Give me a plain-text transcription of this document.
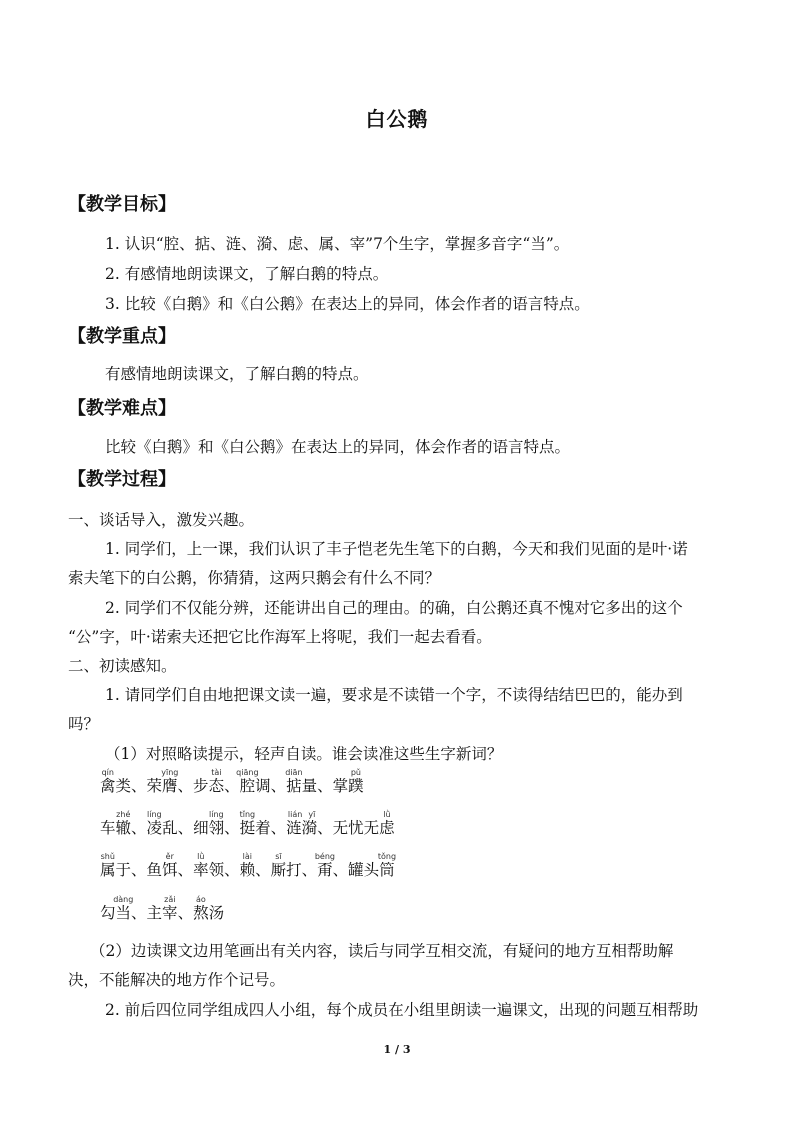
白公鹅
【教学目标】
1. 认识“腔、掂、涟、漪、虑、属、宰”7个生字，掌握多音字“当”。
2. 有感情地朗读课文，了解白鹅的特点。
3. 比较《白鹅》和《白公鹅》在表达上的异同，体会作者的语言特点。
【教学重点】
有感情地朗读课文，了解白鹅的特点。
【教学难点】
比较《白鹅》和《白公鹅》在表达上的异同，体会作者的语言特点。
【教学过程】
一、谈话导入，激发兴趣。
1. 同学们，上一课，我们认识了丰子恺老先生笔下的白鹅，今天和我们见面的是叶·诺
索夫笔下的白公鹅，你猜猜，这两只鹅会有什么不同？
2. 同学们不仅能分辨，还能讲出自己的理由。的确，白公鹅还真不愧对它多出的这个
“公”字，叶·诺索夫还把它比作海军上将呢，我们一起去看看。
二、初读感知。
1. 请同学们自由地把课文读一遍，要求是不读错一个字，不读得结结巴巴的，能办到
吗？
（1）对照略读提示，轻声自读。谁会读准这些生字新词？
禽qín类、荣膺yīng、步态tài、腔qiāng调、掂diān量、掌蹼pǔ
车辙zhé、凌líng乱、细翎líng、挺tǐng着、涟漪lián yī、无忧无虑lǜ
属shǔ于、鱼饵ěr、率lǜ领、赖lài、厮sī打、甭béng、罐头筒tǒng
勾当dàng、主宰zǎi、熬áo汤
（2）边读课文边用笔画出有关内容，读后与同学互相交流，有疑问的地方互相帮助解
决，不能解决的地方作个记号。
2. 前后四位同学组成四人小组，每个成员在小组里朗读一遍课文，出现的问题互相帮助
1 / 3
